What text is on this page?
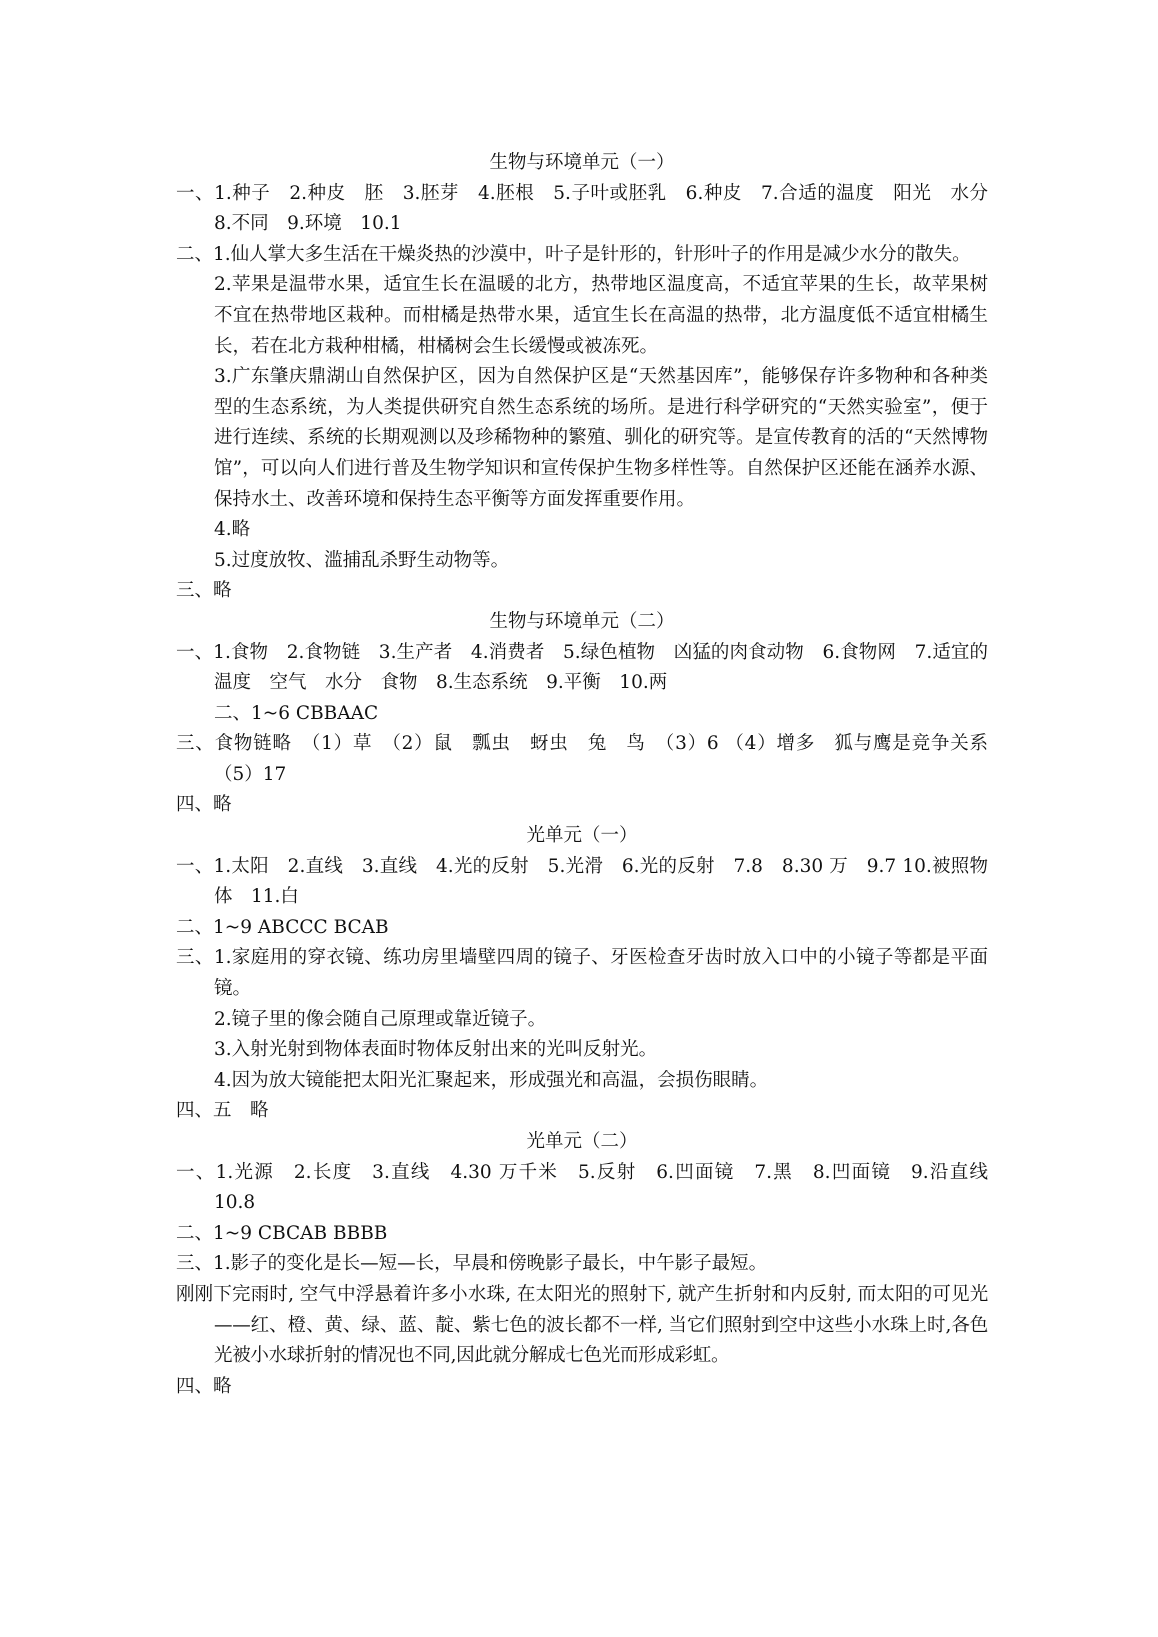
生物与环境单元（一）
一、1.种子　2.种皮　胚　3.胚芽　4.胚根　5.子叶或胚乳　6.种皮　7.合适的温度　阳光　水分　8.不同　9.环境　10.1
二、1.仙人掌大多生活在干燥炎热的沙漠中，叶子是针形的，针形叶子的作用是减少水分的散失。
2.苹果是温带水果，适宜生长在温暖的北方，热带地区温度高，不适宜苹果的生长，故苹果树不宜在热带地区栽种。而柑橘是热带水果，适宜生长在高温的热带，北方温度低不适宜柑橘生长，若在北方栽种柑橘，柑橘树会生长缓慢或被冻死。
3.广东肇庆鼎湖山自然保护区，因为自然保护区是“天然基因库”，能够保存许多物种和各种类型的生态系统，为人类提供研究自然生态系统的场所。是进行科学研究的“天然实验室”，便于进行连续、系统的长期观测以及珍稀物种的繁殖、驯化的研究等。是宣传教育的活的“天然博物馆”，可以向人们进行普及生物学知识和宣传保护生物多样性等。自然保护区还能在涵养水源、保持水土、改善环境和保持生态平衡等方面发挥重要作用。
4.略
5.过度放牧、滥捕乱杀野生动物等。
三、略
生物与环境单元（二）
一、1.食物　2.食物链　3.生产者　4.消费者　5.绿色植物　凶猛的肉食动物　6.食物网　7.适宜的温度　空气　水分　食物　8.生态系统　9.平衡　10.两
二、1~6 CBBAAC
三、食物链略　（1）草　（2）鼠　瓢虫　蚜虫　兔　鸟　（3）6 （4）增多　狐与鹰是竞争关系　（5）17
四、略
光单元（一）
一、1.太阳　2.直线　3.直线　4.光的反射　5.光滑　6.光的反射　7.8　8.30 万　9.7 10.被照物体　11.白
二、1~9 ABCCC BCAB
三、1.家庭用的穿衣镜、练功房里墙壁四周的镜子、牙医检查牙齿时放入口中的小镜子等都是平面镜。
2.镜子里的像会随自己原理或靠近镜子。
3.入射光射到物体表面时物体反射出来的光叫反射光。
4.因为放大镜能把太阳光汇聚起来，形成强光和高温，会损伤眼睛。
四、五　略
光单元（二）
一、1.光源　2.长度　3.直线　4.30 万千米　5.反射　6.凹面镜　7.黑　8.凹面镜　9.沿直线　10.8
二、1~9 CBCAB BBBB
三、1.影子的变化是长—短—长，早晨和傍晚影子最长，中午影子最短。
刚刚下完雨时, 空气中浮悬着许多小水珠, 在太阳光的照射下, 就产生折射和内反射, 而太阳的可见光——红、橙、黄、绿、蓝、靛、紫七色的波长都不一样, 当它们照射到空中这些小水珠上时,各色光被小水球折射的情况也不同,因此就分解成七色光而形成彩虹。
四、略
